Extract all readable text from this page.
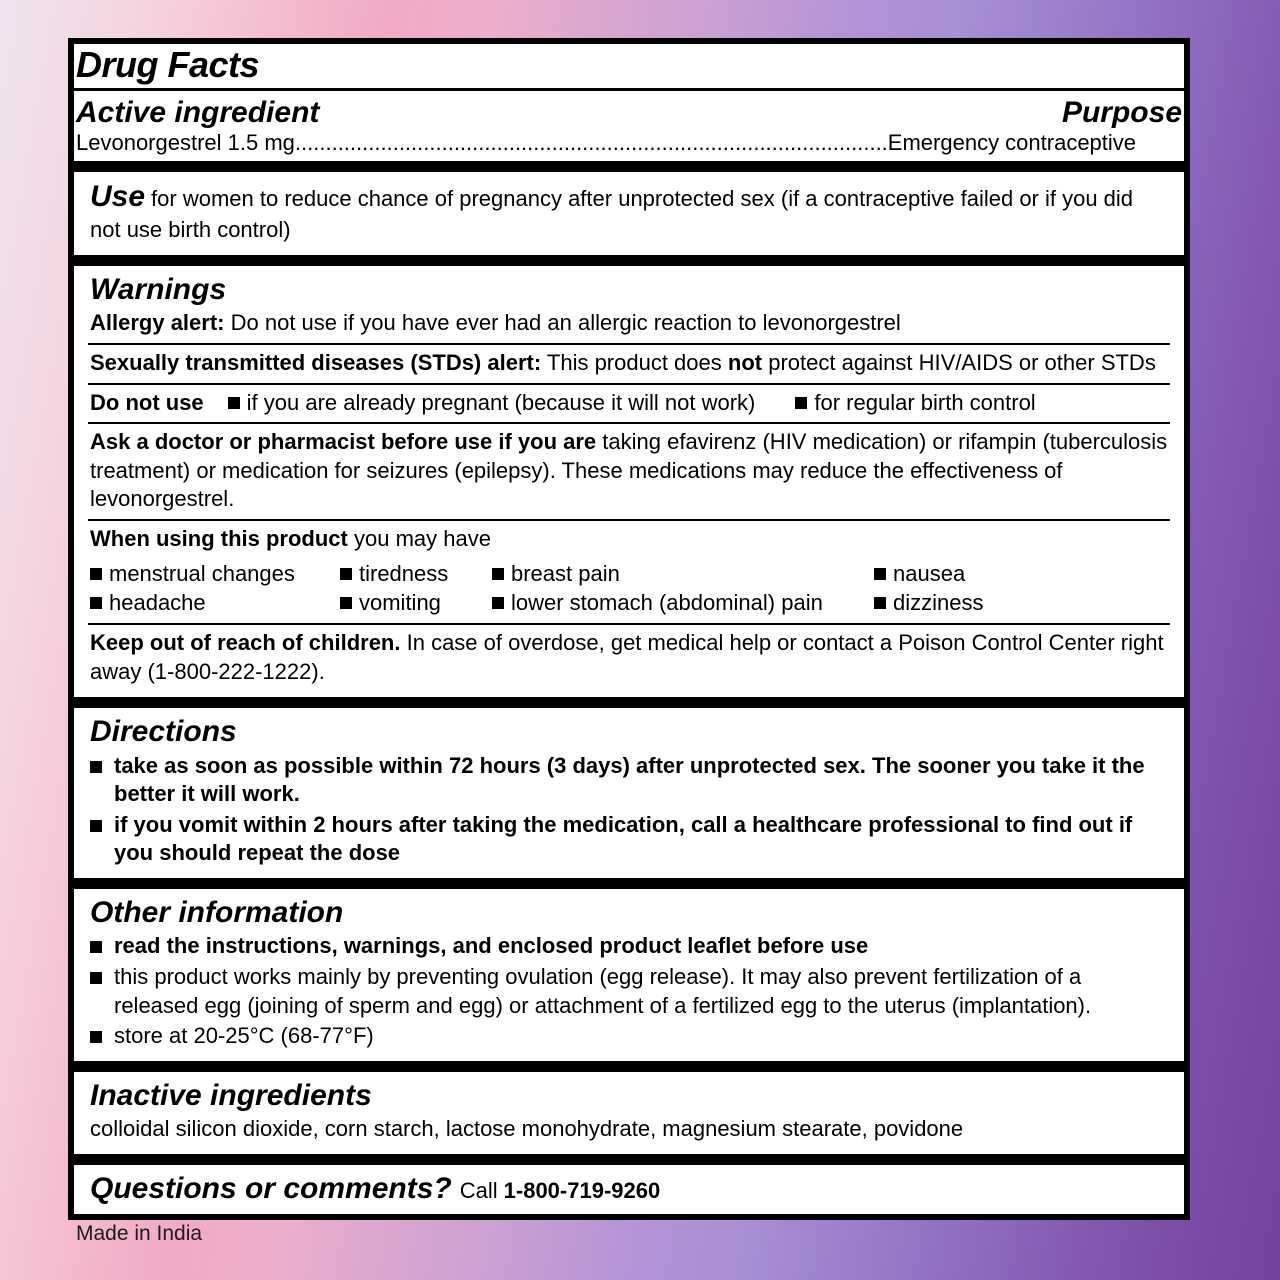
Drug Facts
Active ingredient	Purpose
Levonorgestrel 1.5 mg.................................................................................................Emergency contraceptive
Use for women to reduce chance of pregnancy after unprotected sex (if a contraceptive failed or if you did not use birth control)
Warnings
Allergy alert: Do not use if you have ever had an allergic reaction to levonorgestrel
Sexually transmitted diseases (STDs) alert: This product does not protect against HIV/AIDS or other STDs
Do not use	if you are already pregnant (because it will not work)	for regular birth control
Ask a doctor or pharmacist before use if you are taking efavirenz (HIV medication) or rifampin (tuberculosis treatment) or medication for seizures (epilepsy). These medications may reduce the effectiveness of levonorgestrel.
When using this product you may have
menstrual changes	tiredness	breast pain	nausea
headache	vomiting	lower stomach (abdominal) pain	dizziness
Keep out of reach of children. In case of overdose, get medical help or contact a Poison Control Center right away (1-800-222-1222).
Directions
take as soon as possible within 72 hours (3 days) after unprotected sex. The sooner you take it the better it will work.
if you vomit within 2 hours after taking the medication, call a healthcare professional to find out if you should repeat the dose
Other information
read the instructions, warnings, and enclosed product leaflet before use
this product works mainly by preventing ovulation (egg release). It may also prevent fertilization of a released egg (joining of sperm and egg) or attachment of a fertilized egg to the uterus (implantation).
store at 20-25°C (68-77°F)
Inactive ingredients
colloidal silicon dioxide, corn starch, lactose monohydrate, magnesium stearate, povidone
Questions or comments? Call 1-800-719-9260
Made in India
